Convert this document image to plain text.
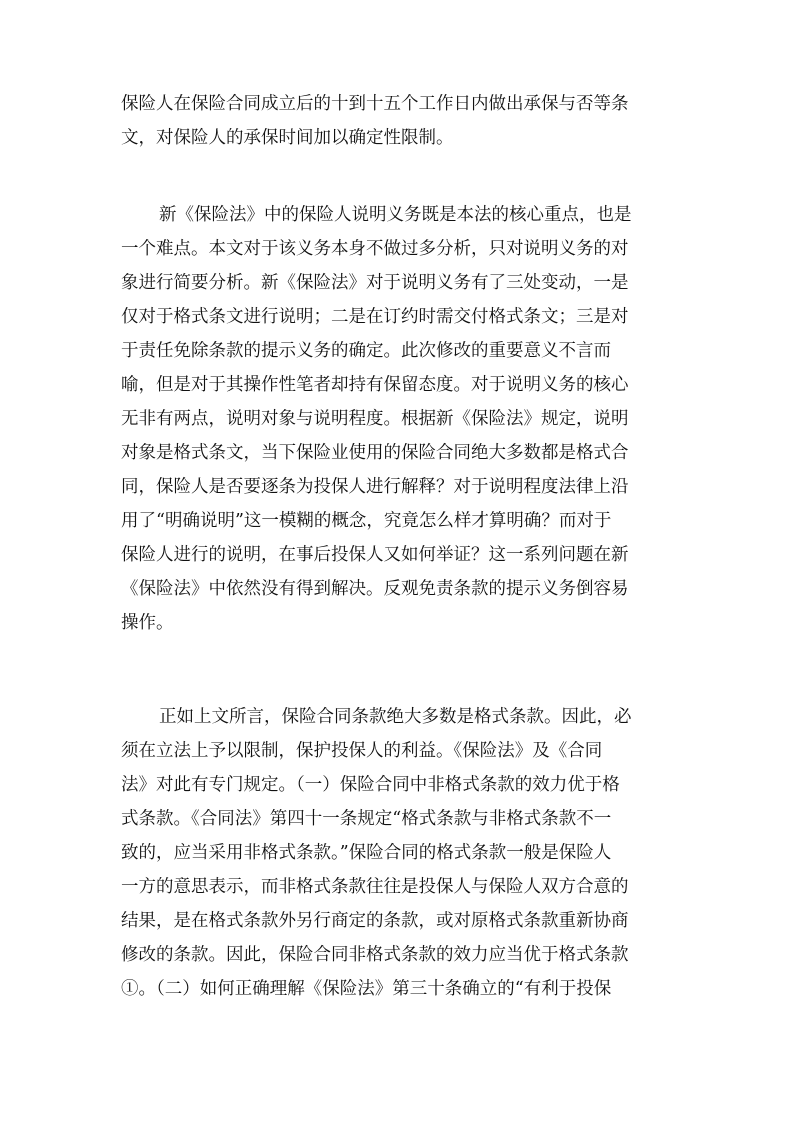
保险人在保险合同成立后的十到十五个工作日内做出承保与否等条
文，对保险人的承保时间加以确定性限制。
新《保险法》中的保险人说明义务既是本法的核心重点，也是
一个难点。本文对于该义务本身不做过多分析，只对说明义务的对
象进行简要分析。新《保险法》对于说明义务有了三处变动，一是
仅对于格式条文进行说明；二是在订约时需交付格式条文；三是对
于责任免除条款的提示义务的确定。此次修改的重要意义不言而
喻，但是对于其操作性笔者却持有保留态度。对于说明义务的核心
无非有两点，说明对象与说明程度。根据新《保险法》规定，说明
对象是格式条文，当下保险业使用的保险合同绝大多数都是格式合
同，保险人是否要逐条为投保人进行解释？对于说明程度法律上沿
用了“明确说明”这一模糊的概念，究竟怎么样才算明确？而对于
保险人进行的说明，在事后投保人又如何举证？这一系列问题在新
《保险法》中依然没有得到解决。反观免责条款的提示义务倒容易
操作。
正如上文所言，保险合同条款绝大多数是格式条款。因此，必
须在立法上予以限制，保护投保人的利益。《保险法》及《合同
法》对此有专门规定。（一）保险合同中非格式条款的效力优于格
式条款。《合同法》第四十一条规定“格式条款与非格式条款不一
致的，应当采用非格式条款。”保险合同的格式条款一般是保险人
一方的意思表示，而非格式条款往往是投保人与保险人双方合意的
结果，是在格式条款外另行商定的条款，或对原格式条款重新协商
修改的条款。因此，保险合同非格式条款的效力应当优于格式条款
①。（二）如何正确理解《保险法》第三十条确立的“有利于投保
